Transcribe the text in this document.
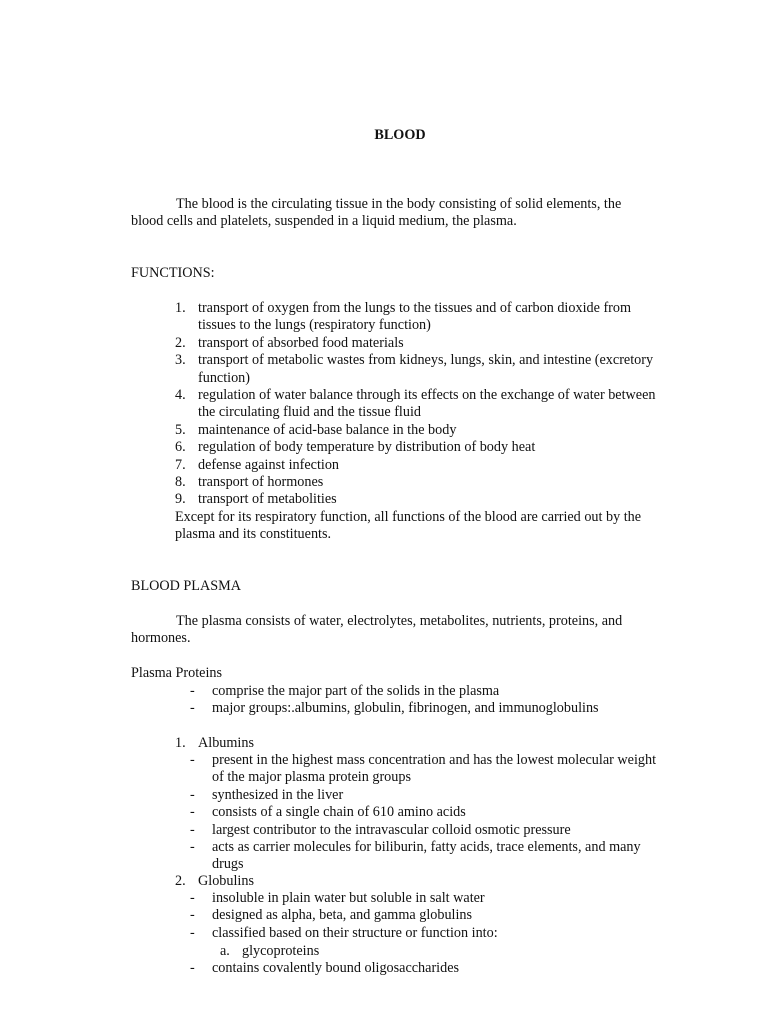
BLOOD

The blood is the circulating tissue in the body consisting of solid elements, the blood cells and platelets, suspended in a liquid medium, the plasma.

FUNCTIONS:

1. transport of oxygen from the lungs to the tissues and of carbon dioxide from tissues to the lungs (respiratory function)
2. transport of absorbed food materials
3. transport of metabolic wastes from kidneys, lungs, skin, and intestine (excretory function)
4. regulation of water balance through its effects on the exchange of water between the circulating fluid and the tissue fluid
5. maintenance of acid-base balance in the body
6. regulation of body temperature by distribution of body heat
7. defense against infection
8. transport of hormones
9. transport of metabolities

Except for its respiratory function, all functions of the blood are carried out by the plasma and its constituents.

BLOOD PLASMA

The plasma consists of water, electrolytes, metabolites, nutrients, proteins, and hormones.

Plasma Proteins

- comprise the major part of the solids in the plasma
- major groups:.albumins, globulin, fibrinogen, and immunoglobulins
1. Albumins
- present in the highest mass concentration and has the lowest molecular weight of the major plasma protein groups
- synthesized in the liver
- consists of a single chain of 610 amino acids
- largest contributor to the intravascular colloid osmotic pressure
- acts as carrier molecules for biliburin, fatty acids, trace elements, and many drugs
2. Globulins
- insoluble in plain water but soluble in salt water
- designed as alpha, beta, and gamma globulins
- classified based on their structure or function into:
a. glycoproteins
- contains covalently bound oligosaccharides
